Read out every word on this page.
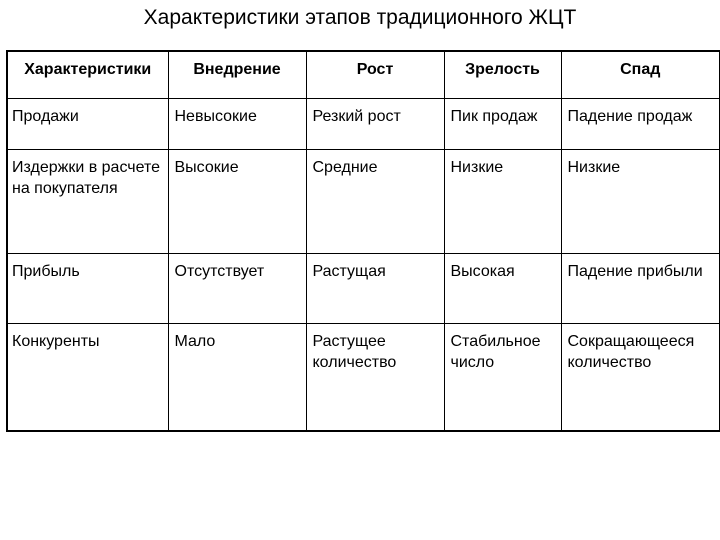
Характеристики этапов традиционного ЖЦТ
Характеристики	Внедрение	Рост	Зрелость	Спад
Продажи	Невысокие	Резкий рост	Пик продаж	Падение продаж
Издержки в расчете на покупателя	Высокие	Средние	Низкие	Низкие
Прибыль	Отсутствует	Растущая	Высокая	Падение прибыли
Конкуренты	Мало	Растущее количество	Стабильное число	Сокращающееся количество
